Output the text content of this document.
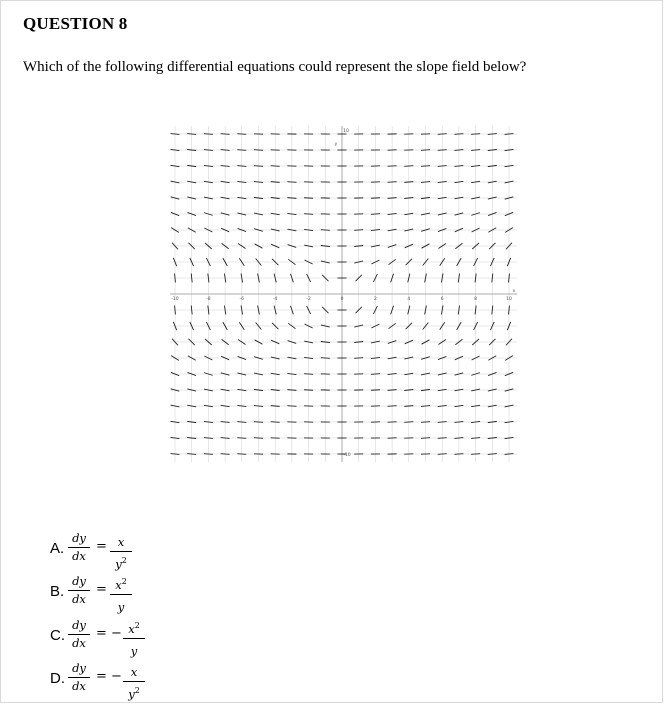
QUESTION 8
Which of the following differential equations could represent the slope field below?
-10	-8	-6	-4	-2	0	2	4	6	8	10
10
-10
y
x
A.
dy
dx
= x
$y^2$
B.
dy
dx
= $x^2$
y
C.
dy
dx
= − $x^2$
y
D.
dy
dx
= − x
$y^2$
